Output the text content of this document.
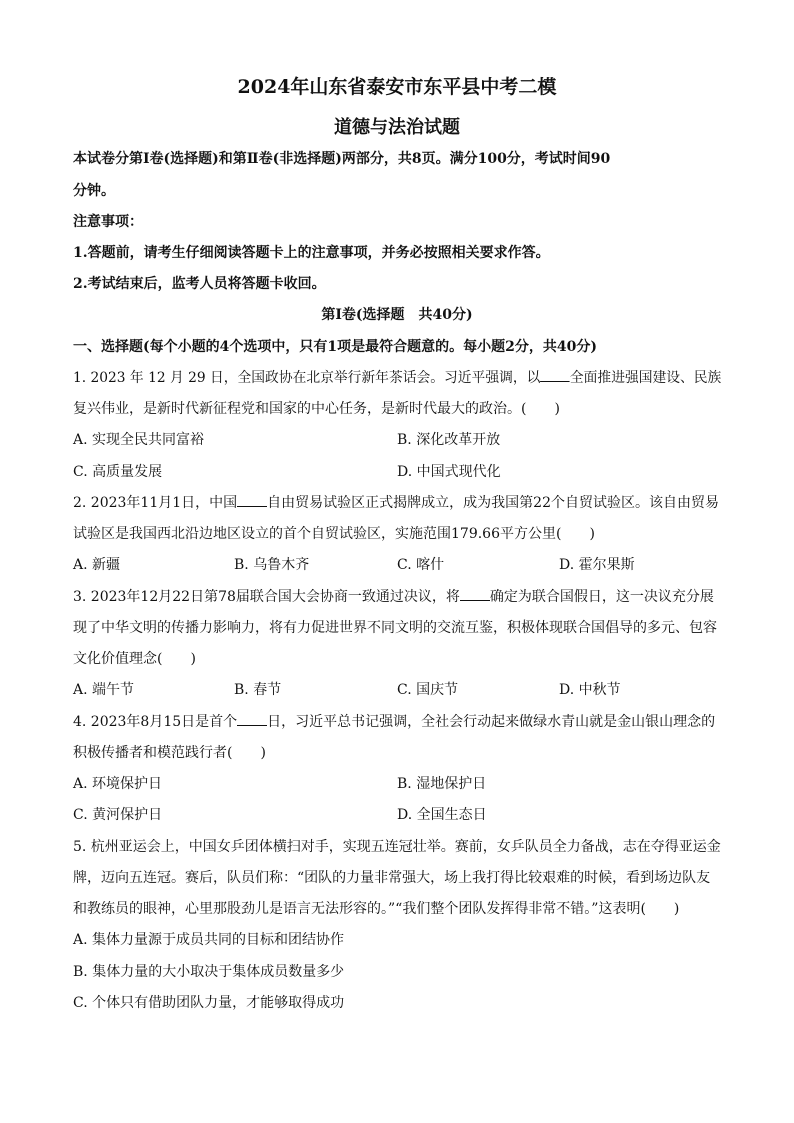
2024年山东省泰安市东平县中考二模
道德与法治试题
本试卷分第Ⅰ卷(选择题)和第Ⅱ卷(非选择题)两部分，共8页。满分100分，考试时间90
分钟。
注意事项：
1.答题前，请考生仔细阅读答题卡上的注意事项，并务必按照相关要求作答。
2.考试结束后，监考人员将答题卡收回。
第Ⅰ卷(选择题　共40分)
一、选择题(每个小题的4个选项中，只有1项是最符合题意的。每小题2分，共40分)
1. 2023 年 12 月 29 日，全国政协在北京举行新年茶话会。习近平强调，以 全面推进强国建设、民族
复兴伟业，是新时代新征程党和国家的中心任务，是新时代最大的政治。(　　)
A. 实现全民共同富裕	B. 深化改革开放
C. 高质量发展	D. 中国式现代化
2. 2023年11月1日，中国 自由贸易试验区正式揭牌成立，成为我国第22个自贸试验区。该自由贸易
试验区是我国西北沿边地区设立的首个自贸试验区，实施范围179.66平方公里(　　)
A. 新疆	B. 乌鲁木齐	C. 喀什	D. 霍尔果斯
3. 2023年12月22日第78届联合国大会协商一致通过决议，将 确定为联合国假日，这一决议充分展
现了中华文明的传播力影响力，将有力促进世界不同文明的交流互鉴，积极体现联合国倡导的多元、包容
文化价值理念(　　)
A. 端午节	B. 春节	C. 国庆节	D. 中秋节
4. 2023年8月15日是首个 日，习近平总书记强调，全社会行动起来做绿水青山就是金山银山理念的
积极传播者和模范践行者(　　)
A. 环境保护日	B. 湿地保护日
C. 黄河保护日	D. 全国生态日
5. 杭州亚运会上，中国女乒团体横扫对手，实现五连冠壮举。赛前，女乒队员全力备战，志在夺得亚运金
牌，迈向五连冠。赛后，队员们称：“团队的力量非常强大，场上我打得比较艰难的时候，看到场边队友
和教练员的眼神，心里那股劲儿是语言无法形容的。”“我们整个团队发挥得非常不错。”这表明(　　)
A. 集体力量源于成员共同的目标和团结协作
B. 集体力量的大小取决于集体成员数量多少
C. 个体只有借助团队力量，才能够取得成功
